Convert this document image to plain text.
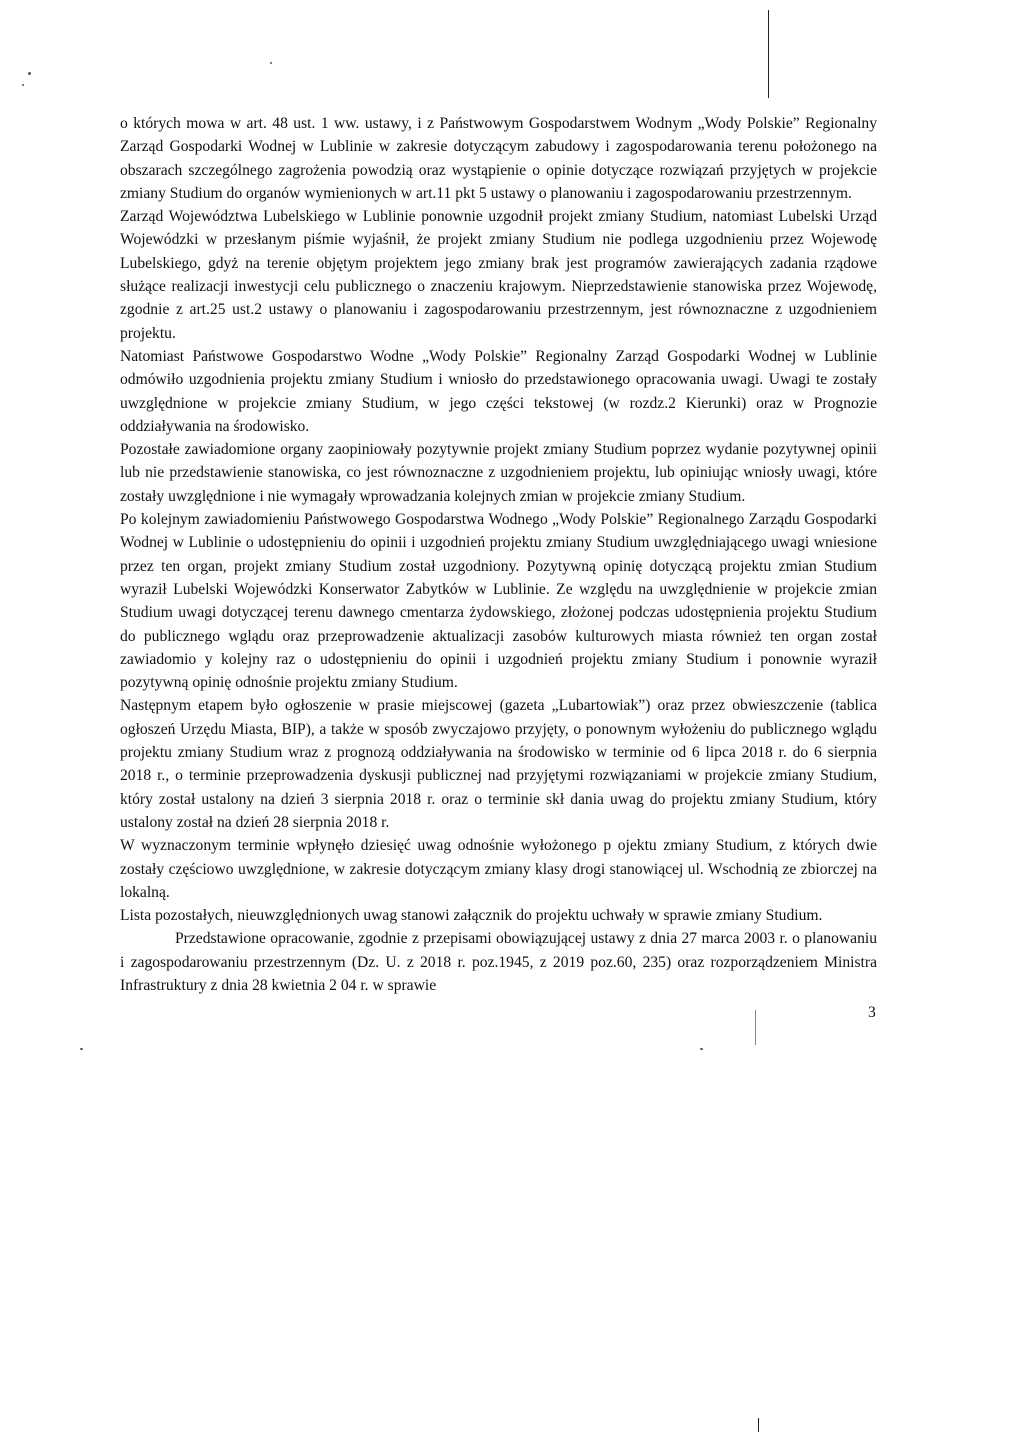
o których mowa w art. 48 ust. 1 ww. ustawy, i z Państwowym Gospodarstwem Wodnym „Wody Polskie” Regionalny Zarząd Gospodarki Wodnej w Lublinie w zakresie dotyczącym zabudowy i zagospodarowania terenu położonego na obszarach szczególnego zagrożenia powodzią oraz wystąpienie o opinie dotyczące rozwiązań przyjętych w projekcie zmiany Studium do organów wymienionych w art.11 pkt 5 ustawy o planowaniu i zagospodarowaniu przestrzennym.

Zarząd Województwa Lubelskiego w Lublinie ponownie uzgodnił projekt zmiany Studium, natomiast Lubelski Urząd Wojewódzki w przesłanym piśmie wyjaśnił, że projekt zmiany Studium nie podlega uzgodnieniu przez Wojewodę Lubelskiego, gdyż na terenie objętym projektem jego zmiany brak jest programów zawierających zadania rządowe służące realizacji inwestycji celu publicznego o znaczeniu krajowym. Nieprzedstawienie stanowiska przez Wojewodę, zgodnie z art.25 ust.2 ustawy o planowaniu i zagospodarowaniu przestrzennym, jest równoznaczne z uzgodnieniem projektu.

Natomiast Państwowe Gospodarstwo Wodne „Wody Polskie” Regionalny Zarząd Gospodarki Wodnej w Lublinie odmówiło uzgodnienia projektu zmiany Studium i wniosło do przedstawionego opracowania uwagi. Uwagi te zostały uwzględnione w projekcie zmiany Studium, w jego części tekstowej (w rozdz.2 Kierunki) oraz w Prognozie oddziaływania na środowisko.

Pozostałe zawiadomione organy zaopiniowały pozytywnie projekt zmiany Studium poprzez wydanie pozytywnej opinii lub nie przedstawienie stanowiska, co jest równoznaczne z uzgodnieniem projektu, lub opiniując wniosły uwagi, które zostały uwzględnione i nie wymagały wprowadzania kolejnych zmian w projekcie zmiany Studium.

Po kolejnym zawiadomieniu Państwowego Gospodarstwa Wodnego „Wody Polskie” Regionalnego Zarządu Gospodarki Wodnej w Lublinie o udostępnieniu do opinii i uzgodnień projektu zmiany Studium uwzględniającego uwagi wniesione przez ten organ, projekt zmiany Studium został uzgodniony. Pozytywną opinię dotyczącą projektu zmian Studium wyraził Lubelski Wojewódzki Konserwator Zabytków w Lublinie. Ze względu na uwzględnienie w projekcie zmian Studium uwagi dotyczącej terenu dawnego cmentarza żydowskiego, złożonej podczas udostępnienia projektu Studium do publicznego wglądu oraz przeprowadzenie aktualizacji zasobów kulturowych miasta również ten organ został zawiadomio y kolejny raz o udostępnieniu do opinii i uzgodnień projektu zmiany Studium i ponownie wyraził pozytywną opinię odnośnie projektu zmiany Studium.

Następnym etapem było ogłoszenie w prasie miejscowej (gazeta „Lubartowiak”) oraz przez obwieszczenie (tablica ogłoszeń Urzędu Miasta, BIP), a także w sposób zwyczajowo przyjęty, o ponownym wyłożeniu do publicznego wglądu projektu zmiany Studium wraz z prognozą oddziaływania na środowisko w terminie od 6 lipca 2018 r. do 6 sierpnia 2018 r., o terminie przeprowadzenia dyskusji publicznej nad przyjętymi rozwiązaniami w projekcie zmiany Studium, który został ustalony na dzień 3 sierpnia 2018 r. oraz o terminie skł dania uwag do projektu zmiany Studium, który ustalony został na dzień 28 sierpnia 2018 r.

W wyznaczonym terminie wpłynęło dziesięć uwag odnośnie wyłożonego p ojektu zmiany Studium, z których dwie zostały częściowo uwzględnione, w zakresie dotyczącym zmiany klasy drogi stanowiącej ul. Wschodnią ze zbiorczej na lokalną.

Lista pozostałych, nieuwzględnionych uwag stanowi załącznik do projektu uchwały w sprawie zmiany Studium.

Przedstawione opracowanie, zgodnie z przepisami obowiązującej ustawy z dnia 27 marca 2003 r. o planowaniu i zagospodarowaniu przestrzennym (Dz. U. z 2018 r. poz.1945, z 2019 poz.60, 235) oraz rozporządzeniem Ministra Infrastruktury z dnia 28 kwietnia 2 04 r. w sprawie

3
